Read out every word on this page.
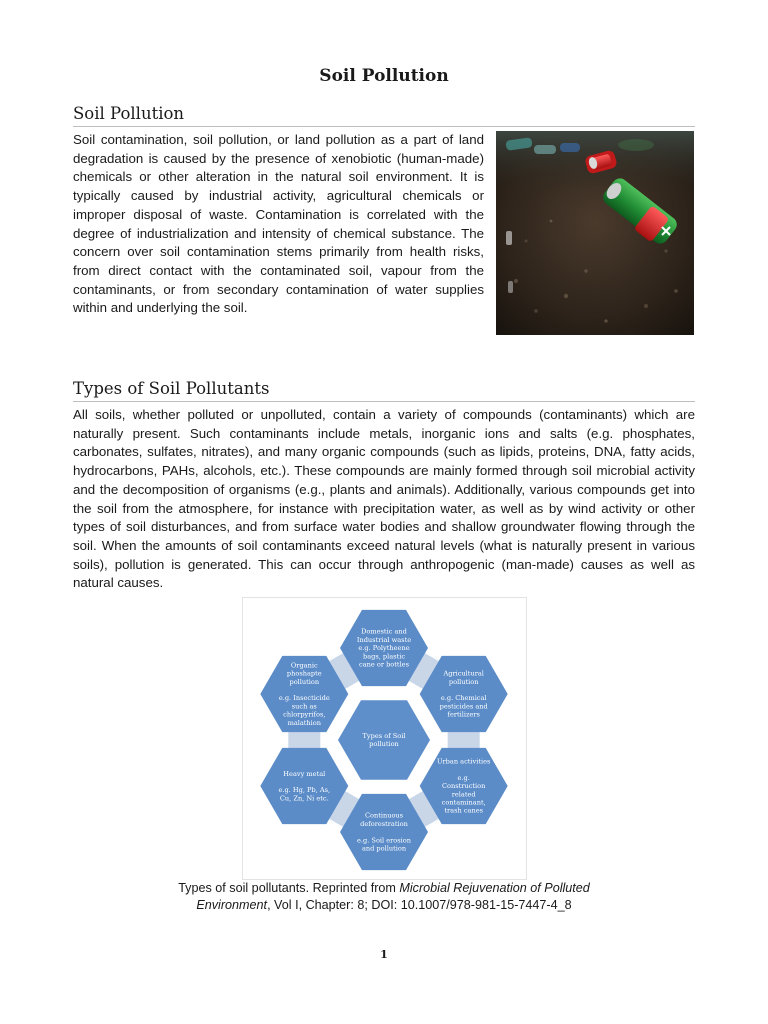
Soil Pollution
Soil Pollution

Soil contamination, soil pollution, or land pollution as a part of land degradation is caused by the presence of xenobiotic (human-made) chemicals or other alteration in the natural soil environment. It is typically caused by industrial activity, agricultural chemicals or improper disposal of waste. Contamination is correlated with the degree of industrialization and intensity of chemical substance. The concern over soil contamination stems primarily from health risks, from direct contact with the contaminated soil, vapour from the contaminants, or from secondary contamination of water supplies within and underlying the soil.

Types of Soil Pollutants

All soils, whether polluted or unpolluted, contain a variety of compounds (contaminants) which are naturally present. Such contaminants include metals, inorganic ions and salts (e.g. phosphates, carbonates, sulfates, nitrates), and many organic compounds (such as lipids, proteins, DNA, fatty acids, hydrocarbons, PAHs, alcohols, etc.). These compounds are mainly formed through soil microbial activity and the decomposition of organisms (e.g., plants and animals). Additionally, various compounds get into the soil from the atmosphere, for instance with precipitation water, as well as by wind activity or other types of soil disturbances, and from surface water bodies and shallow groundwater flowing through the soil. When the amounts of soil contaminants exceed natural levels (what is naturally present in various soils), pollution is generated. This can occur through anthropogenic (man-made) causes as well as natural causes.

Domestic and Industrial waste e.g. Polytheene bags, plastic cane or bottles
Agricultural pollution e.g. Chemical pesticides and fertilizers
Urban activities e.g. Construction related contaminant, trash canes
Continuous deforestration e.g. Soil erosion and pollution
Heavy metal e.g. Hg, Pb, As, Cu, Zn, Ni etc.
Organic phoshapte pollution e.g. Insecticide such as chlorpyrifos, malathion
Types of Soil pollution

Types of soil pollutants. Reprinted from Microbial Rejuvenation of Polluted
Environment, Vol I, Chapter: 8; DOI: 10.1007/978-981-15-7447-4_8

1
